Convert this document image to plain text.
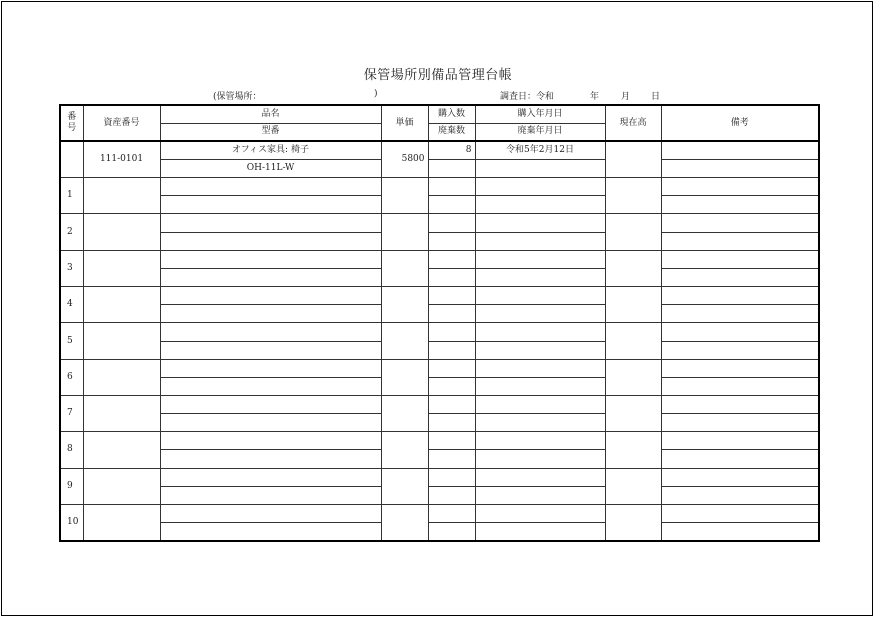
保管場所別備品管理台帳
(保管場所：	)	調査日：令和	年 月 日
番号	資産番号	品名	単価	購入数	購入年月日	現在高	備考
		型番		廃棄数	廃棄年月日		
	111-0101	オフィス家具: 椅子	5800	8	令和5年2月12日		
		OH-11L-W					
1							

2							

3							

4							

5							

6							

7							

8							

9							

10							
